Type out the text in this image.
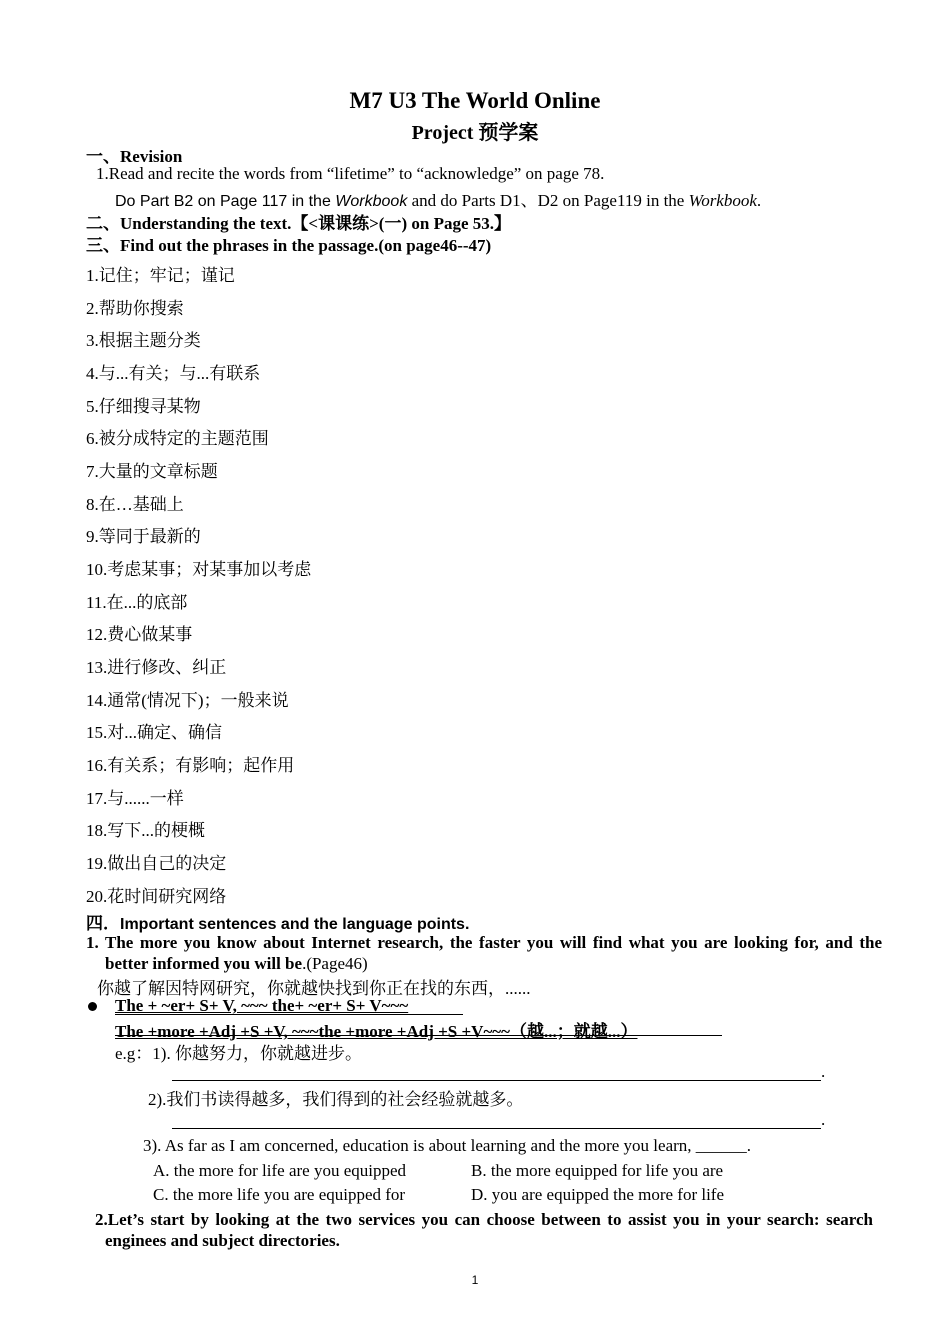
M7 U3 The World Online
Project 预学案
一、Revision
1.Read and recite the words from “lifetime” to “acknowledge” on page 78.
Do Part B2 on Page 117 in the Workbook and do Parts D1、D2 on Page119 in the Workbook.
二、Understanding the text.【<课课练>(一) on Page 53.】
三、Find out the phrases in the passage.(on page46--47)
1.记住；牢记；谨记
2.帮助你搜索
3.根据主题分类
4.与...有关；与...有联系
5.仔细搜寻某物
6.被分成特定的主题范围
7.大量的文章标题
8.在…基础上
9.等同于最新的
10.考虑某事；对某事加以考虑
11.在...的底部
12.费心做某事
13.进行修改、纠正
14.通常(情况下)；一般来说
15.对...确定、确信
16.有关系；有影响；起作用
17.与......一样
18.写下...的梗概
19.做出自己的决定
20.花时间研究网络
四．Important sentences and the language points.
1. The more you know about Internet research, the faster you will find what you are looking for, and the better informed you will be.(Page46)
你越了解因特网研究，你就越快找到你正在找的东西，......
The + ~er+ S+ V, ~~~ the+ ~er+ S+ V~~~
The +more +Adj +S +V, ~~~the +more +Adj +S +V~~~（越...；就越...）
e.g：1). 你越努力，你就越进步。
.
2).我们书读得越多，我们得到的社会经验就越多。
.
3). As far as I am concerned, education is about learning and the more you learn, ______.
A. the more for life are you equipped	B. the more equipped for life you are
C. the more life you are equipped for	D. you are equipped the more for life
2.Let’s start by looking at the two services you can choose between to assist you in your search: search enginees and subject directories.
1
